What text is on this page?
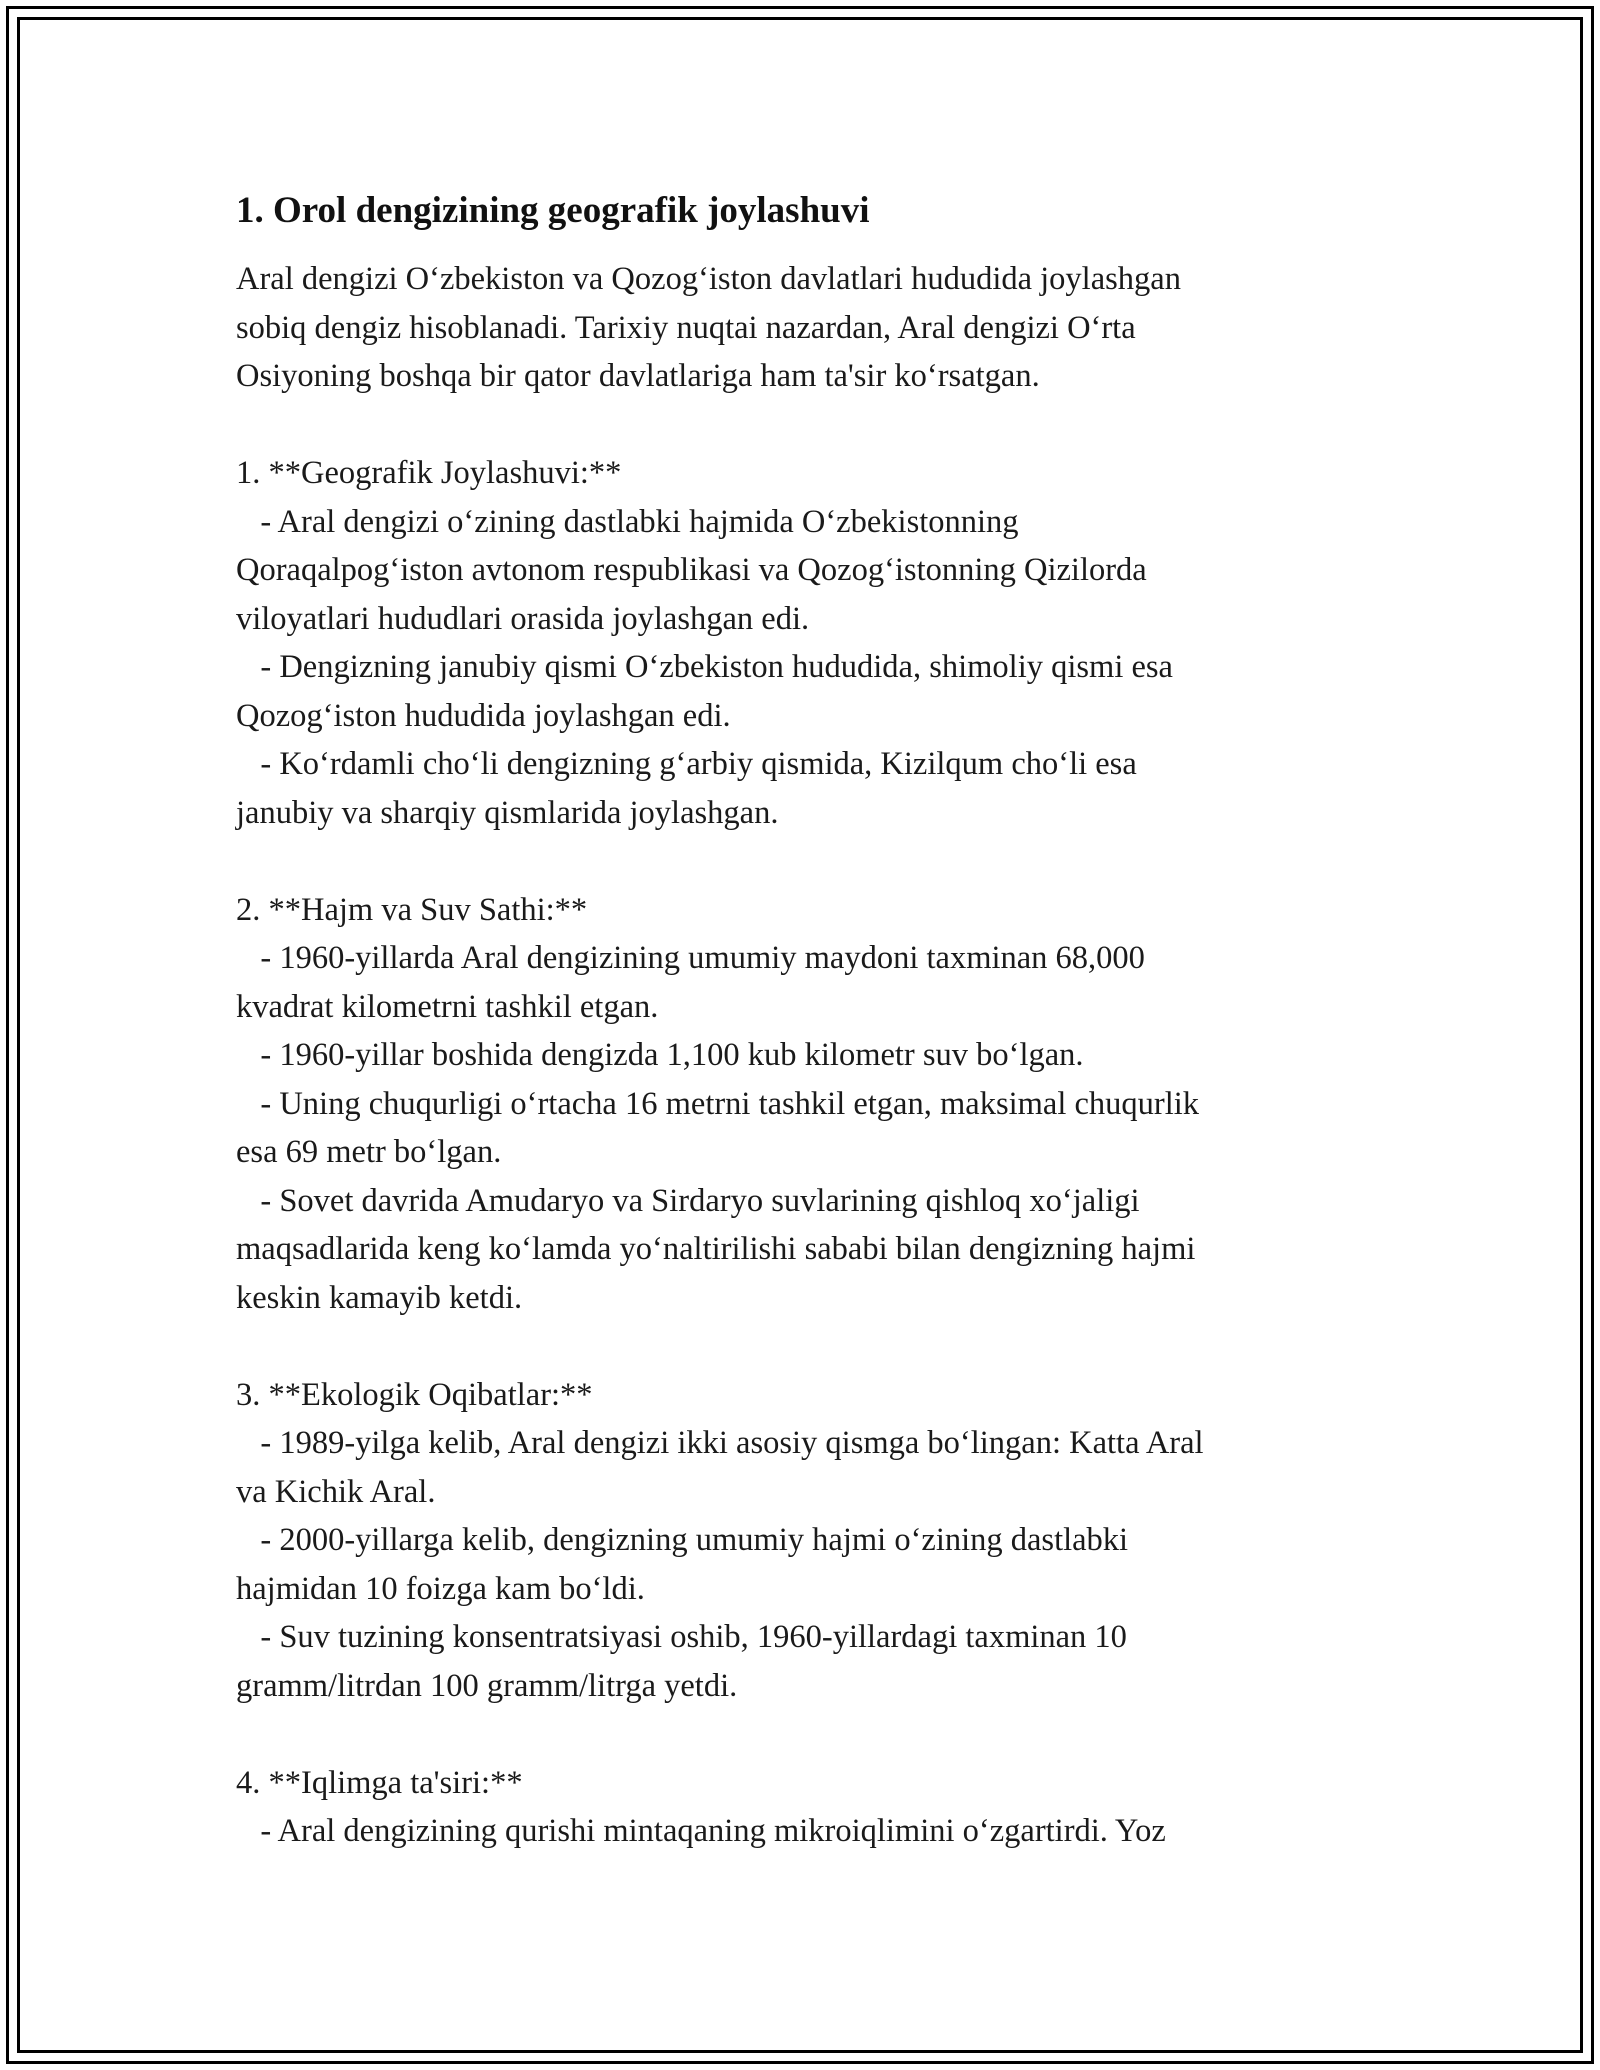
1. Orol dengizining geografik joylashuvi
Aral dengizi O‘zbekiston va Qozog‘iston davlatlari hududida joylashgan
sobiq dengiz hisoblanadi. Tarixiy nuqtai nazardan, Aral dengizi O‘rta
Osiyoning boshqa bir qator davlatlariga ham ta'sir ko‘rsatgan.

1. **Geografik Joylashuvi:**
- Aral dengizi o‘zining dastlabki hajmida O‘zbekistonning
Qoraqalpog‘iston avtonom respublikasi va Qozog‘istonning Qizilorda
viloyatlari hududlari orasida joylashgan edi.
- Dengizning janubiy qismi O‘zbekiston hududida, shimoliy qismi esa
Qozog‘iston hududida joylashgan edi.
- Ko‘rdamli cho‘li dengizning g‘arbiy qismida, Kizilqum cho‘li esa
janubiy va sharqiy qismlarida joylashgan.

2. **Hajm va Suv Sathi:**
- 1960-yillarda Aral dengizining umumiy maydoni taxminan 68,000
kvadrat kilometrni tashkil etgan.
- 1960-yillar boshida dengizda 1,100 kub kilometr suv bo‘lgan.
- Uning chuqurligi o‘rtacha 16 metrni tashkil etgan, maksimal chuqurlik
esa 69 metr bo‘lgan.
- Sovet davrida Amudaryo va Sirdaryo suvlarining qishloq xo‘jaligi
maqsadlarida keng ko‘lamda yo‘naltirilishi sababi bilan dengizning hajmi
keskin kamayib ketdi.

3. **Ekologik Oqibatlar:**
- 1989-yilga kelib, Aral dengizi ikki asosiy qismga bo‘lingan: Katta Aral
va Kichik Aral.
- 2000-yillarga kelib, dengizning umumiy hajmi o‘zining dastlabki
hajmidan 10 foizga kam bo‘ldi.
- Suv tuzining konsentratsiyasi oshib, 1960-yillardagi taxminan 10
gramm/litrdan 100 gramm/litrga yetdi.

4. **Iqlimga ta'siri:**
- Aral dengizining qurishi mintaqaning mikroiqlimini o‘zgartirdi. Yoz
